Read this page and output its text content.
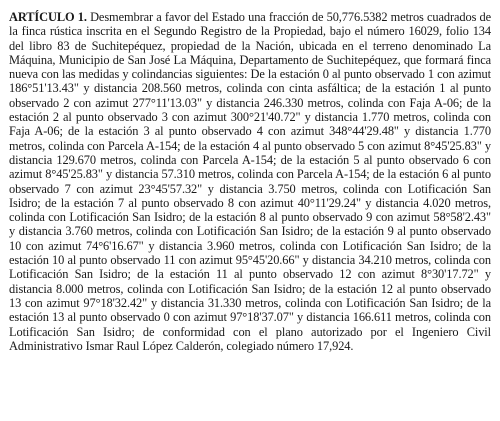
ARTÍCULO 1. Desmembrar a favor del Estado una fracción de 50,776.5382 metros cuadrados de la finca rústica inscrita en el Segundo Registro de la Propiedad, bajo el número 16029, folio 134 del libro 83 de Suchitepéquez, propiedad de la Nación, ubicada en el terreno denominado La Máquina, Municipio de San José La Máquina, Departamento de Suchitepéquez, que formará finca nueva con las medidas y colindancias siguientes: De la estación 0 al punto observado 1 con azimut 186°51'13.43" y distancia 208.560 metros, colinda con cinta asfáltica; de la estación 1 al punto observado 2 con azimut 277°11'13.03" y distancia 246.330 metros, colinda con Faja A-06; de la estación 2 al punto observado 3 con azimut 300°21'40.72" y distancia 1.770 metros, colinda con Faja A-06; de la estación 3 al punto observado 4 con azimut 348°44'29.48" y distancia 1.770 metros, colinda con Parcela A-154; de la estación 4 al punto observado 5 con azimut 8°45'25.83" y distancia 129.670 metros, colinda con Parcela A-154; de la estación 5 al punto observado 6 con azimut 8°45'25.83" y distancia 57.310 metros, colinda con Parcela A-154; de la estación 6 al punto observado 7 con azimut 23°45'57.32" y distancia 3.750 metros, colinda con Lotificación San Isidro; de la estación 7 al punto observado 8 con azimut 40°11'29.24" y distancia 4.020 metros, colinda con Lotificación San Isidro; de la estación 8 al punto observado 9 con azimut 58°58'2.43" y distancia 3.760 metros, colinda con Lotificación San Isidro; de la estación 9 al punto observado 10 con azimut 74°6'16.67" y distancia 3.960 metros, colinda con Lotificación San Isidro; de la estación 10 al punto observado 11 con azimut 95°45'20.66" y distancia 34.210 metros, colinda con Lotificación San Isidro; de la estación 11 al punto observado 12 con azimut 8°30'17.72" y distancia 8.000 metros, colinda con Lotificación San Isidro; de la estación 12 al punto observado 13 con azimut 97°18'32.42" y distancia 31.330 metros, colinda con Lotificación San Isidro; de la estación 13 al punto observado 0 con azimut 97°18'37.07" y distancia 166.611 metros, colinda con Lotificación San Isidro; de conformidad con el plano autorizado por el Ingeniero Civil Administrativo Ismar Raul López Calderón, colegiado número 17,924.
